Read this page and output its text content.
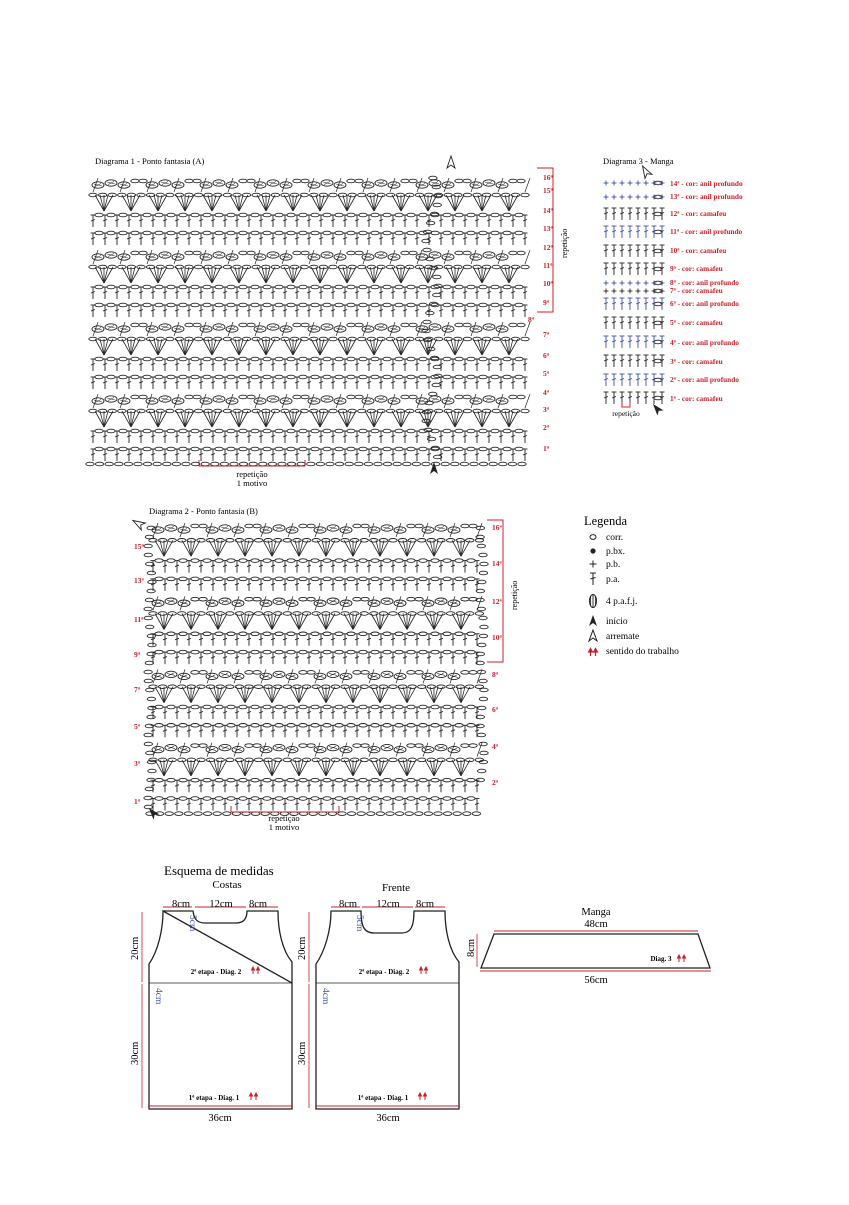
Diagrama 1 - Ponto fantasia (A)
repetição
16ª
15ª
14ª
13ª
12ª
11ª
10ª
9ª
8ª
7ª
6ª
5ª
4ª
3ª
2ª
1ª
repetição
1 motivo
Diagrama 3 - Manga
14ª - cor: anil profundo
13ª - cor: anil profundo
12ª - cor: camafeu
11ª - cor: anil profundo
10ª - cor: camafeu
9ª - cor: camafeu
8ª - cor: anil profundo
7ª - cor: camafeu
6ª - cor: anil profundo
5ª - cor: camafeu
4ª - cor: anil profundo
3ª - cor: camafeu
2ª - cor: anil profundo
1ª - cor: camafeu
repetição
Diagrama 2 - Ponto fantasia (B)
repetição
15ª
13ª
11ª
9ª
7ª
5ª
3ª
1ª
16ª
14ª
12ª
10ª
8ª
6ª
4ª
2ª
repetição
1 motivo
Legenda
corr.
p.bx.
p.b.
p.a.
4 p.a.f.j.
início
arremate
sentido do trabalho
Esquema de medidas
Costas
8cm 12cm 8cm
5cm
20cm
4cm
30cm
2ª etapa - Diag. 2
1ª etapa - Diag. 1
36cm
Frente
8cm 12cm 8cm
5cm
20cm
4cm
30cm
2ª etapa - Diag. 2
1ª etapa - Diag. 1
36cm
Manga
48cm
8cm
Diag. 3
56cm
